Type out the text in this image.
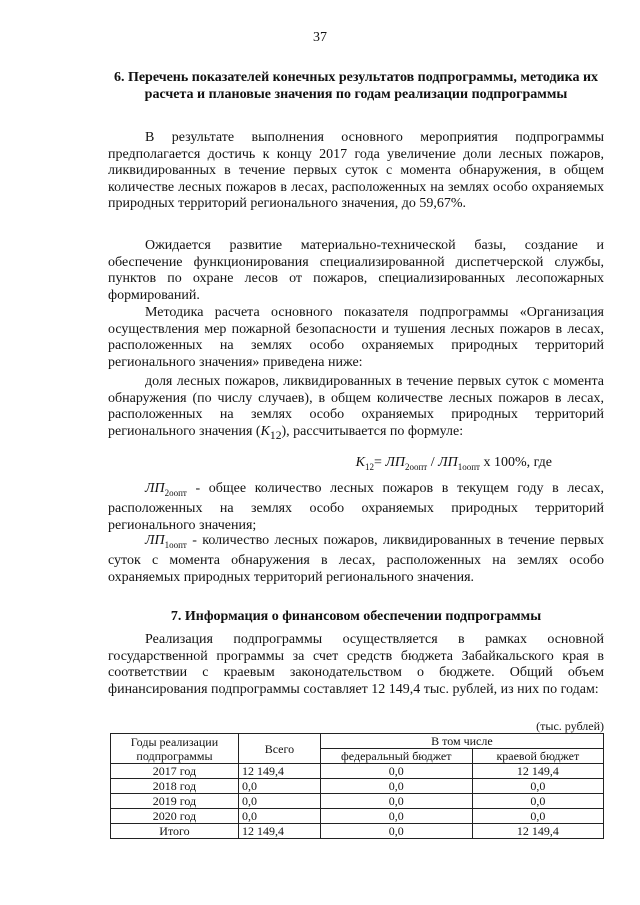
37
6. Перечень показателей конечных результатов подпрограммы, методика их расчета и плановые значения по годам реализации подпрограммы

В результате выполнения основного мероприятия подпрограммы предполагается достичь к концу 2017 года увеличение доли лесных пожаров, ликвидированных в течение первых суток с момента обнаружения, в общем количестве лесных пожаров в лесах, расположенных на землях особо охраняемых природных территорий регионального значения, до 59,67%.

Ожидается развитие материально-технической базы, создание и обеспечение функционирования специализированной диспетчерской службы, пунктов по охране лесов от пожаров, специализированных лесопожарных формирований.

Методика расчета основного показателя подпрограммы «Организация осуществления мер пожарной безопасности и тушения лесных пожаров в лесах, расположенных на землях особо охраняемых природных территорий регионального значения» приведена ниже:

доля лесных пожаров, ликвидированных в течение первых суток с момента обнаружения (по числу случаев), в общем количестве лесных пожаров в лесах, расположенных на землях особо охраняемых природных территорий регионального значения $(К_{12})$, рассчитывается по формуле:

$К_{12}= ЛП_{2оопт} / ЛП_{1оопт}$ x 100%, где

$ЛП_{2оопт}$ - общее количество лесных пожаров в текущем году в лесах, расположенных на землях особо охраняемых природных территорий регионального значения;

$ЛП_{1оопт}$ - количество лесных пожаров, ликвидированных в течение первых суток с момента обнаружения в лесах, расположенных на землях особо охраняемых природных территорий регионального значения.

7. Информация о финансовом обеспечении подпрограммы

Реализация подпрограммы осуществляется в рамках основной государственной программы за счет средств бюджета Забайкальского края в соответствии с краевым законодательством о бюджете. Общий объем финансирования подпрограммы составляет 12 149,4 тыс. рублей, из них по годам:

(тыс. рублей)
Годы реализации подпрограммы	Всего	В том числе	
		федеральный бюджет	краевой бюджет
2017 год	12 149,4	0,0	12 149,4
2018 год	0,0	0,0	0,0
2019 год	0,0	0,0	0,0
2020 год	0,0	0,0	0,0
Итого	12 149,4	0,0	12 149,4
